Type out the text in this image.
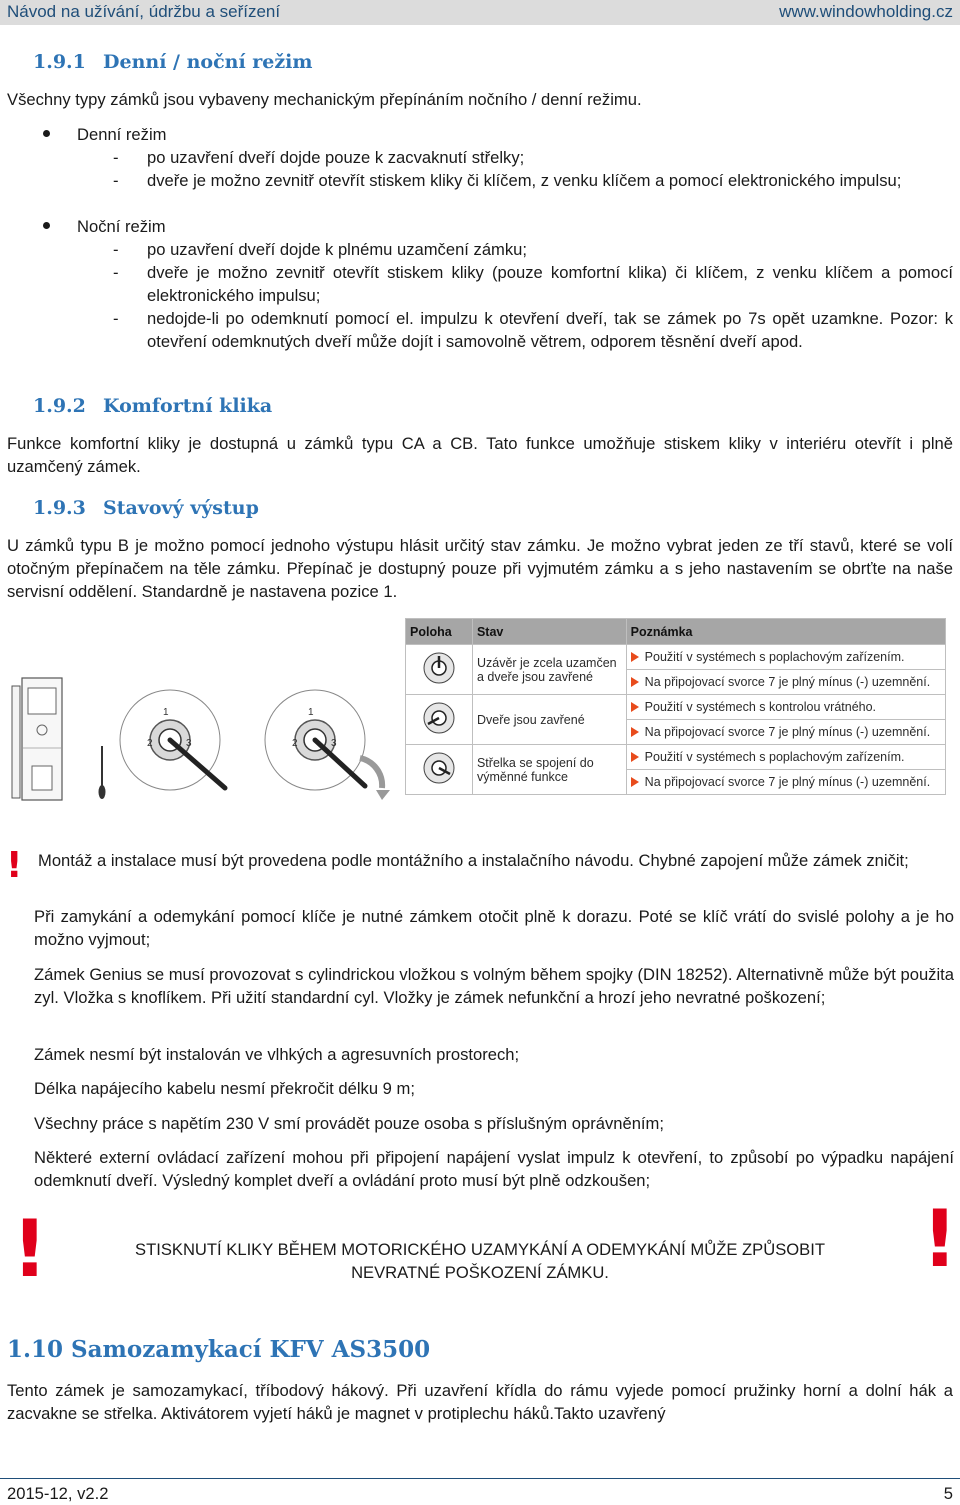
Návod na užívání, údržbu a seřízení	www.windowholding.cz
1.9.1 Denní / noční režim
Všechny typy zámků jsou vybaveny mechanickým přepínáním nočního / denní režimu.
Denní režim
- po uzavření dveří dojde pouze k zacvaknutí střelky;
- dveře je možno zevnitř otevřít stiskem kliky či klíčem, z venku klíčem a pomocí elektronického impulsu;
Noční režim
- po uzavření dveří dojde k plnému uzamčení zámku;
- dveře je možno zevnitř otevřít stiskem kliky (pouze komfortní klika) či klíčem, z venku klíčem a pomocí elektronického impulsu;
- nedojde-li po odemknutí pomocí el. impulzu k otevření dveří, tak se zámek po 7s opět uzamkne. Pozor: k otevření odemknutých dveří může dojít i samovolně větrem, odporem těsnění dveří apod.
1.9.2 Komfortní klika
Funkce komfortní kliky je dostupná u zámků typu CA a CB. Tato funkce umožňuje stiskem kliky v interiéru otevřít i plně uzamčený zámek.
1.9.3 Stavový výstup
U zámků typu B je možno pomocí jednoho výstupu hlásit určitý stav zámku. Je možno vybrat jeden ze tří stavů, které se volí otočným přepínačem na těle zámku. Přepínač je dostupný pouze při vyjmutém zámku a s jeho nastavením se obrťte na naše servisní oddělení. Standardně je nastavena pozice 1.
1
2	3
1
2	3
Poloha	Stav	Poznámka
	Uzávěr je zcela uzamčen a dveře jsou zavřené	Použití v systémech s poplachovým zařízením.

		Na připojovací svorce 7 je plný mínus (-) uzemnění.

	Dveře jsou zavřené	Použití v systémech s kontrolou vrátného.

		Na připojovací svorce 7 je plný mínus (-) uzemnění.

	Střelka se spojení do výměnné funkce	Použití v systémech s poplachovým zařízením.

		Na připojovací svorce 7 je plný mínus (-) uzemnění.
! Montáž a instalace musí být provedena podle montážního a instalačního návodu. Chybné zapojení může zámek zničit;
Při zamykání a odemykání pomocí klíče je nutné zámkem otočit plně k dorazu. Poté se klíč vrátí do svislé polohy a je ho možno vyjmout;
Zámek Genius se musí provozovat s cylindrickou vložkou s volným během spojky (DIN 18252). Alternativně může být použita zyl. Vložka s knoflíkem. Při užití standardní cyl. Vložky je zámek nefunkční a hrozí jeho nevratné poškození;
Zámek nesmí být instalován ve vlhkých a agresuvních prostorech;
Délka napájecího kabelu nesmí překročit délku 9 m;
Všechny práce s napětím 230 V smí provádět pouze osoba s příslušným oprávněním;
Některé externí ovládací zařízení mohou při připojení napájení vyslat impulz k otevření, to způsobí po výpadku napájení odemknutí dveří. Výsledný komplet dveří a ovládání proto musí být plně odzkoušen;
!	!
STISKNUTÍ KLIKY BĚHEM MOTORICKÉHO UZAMYKÁNÍ A ODEMYKÁNÍ MŮŽE ZPŮSOBIT
NEVRATNÉ POŠKOZENÍ ZÁMKU.
1.10 Samozamykací KFV AS3500
Tento zámek je samozamykací, tříbodový hákový. Při uzavření křídla do rámu vyjede pomocí pružinky horní a dolní hák a zacvakne se střelka. Aktivátorem vyjetí háků je magnet v protiplechu háků.Takto uzavřený
2015-12, v2.2	5
